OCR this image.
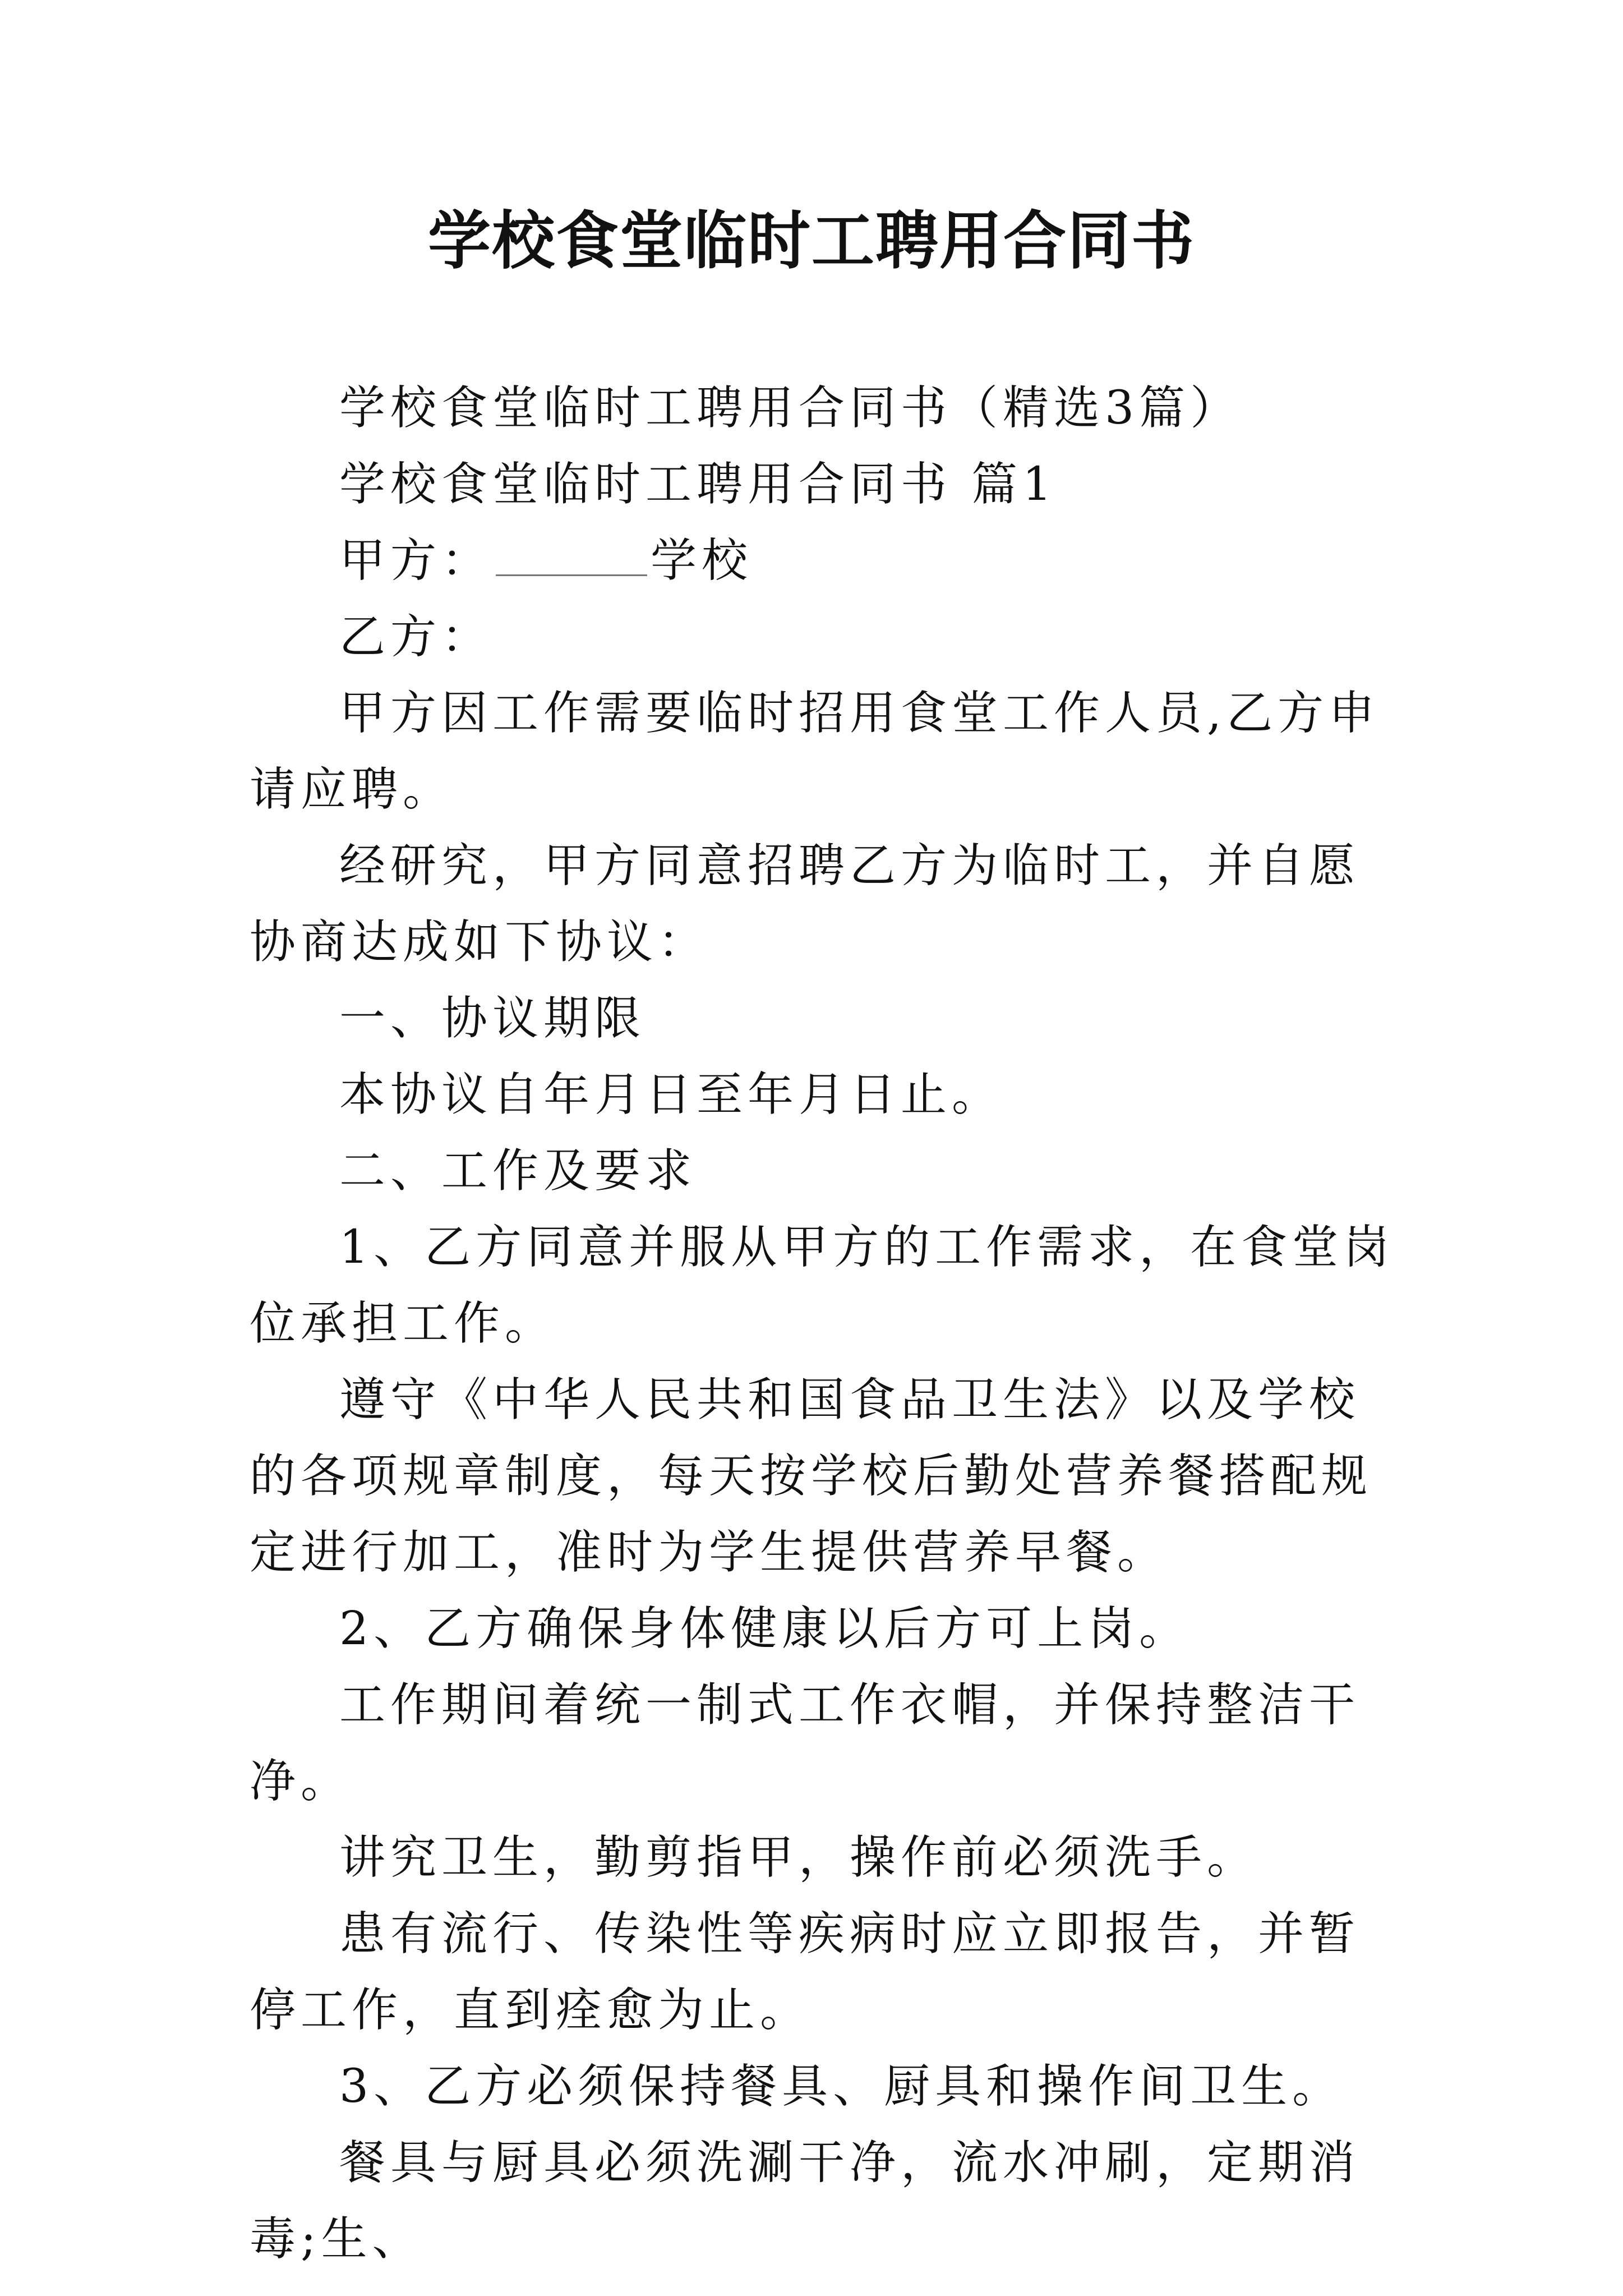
学校食堂临时工聘用合同书

学校食堂临时工聘用合同书（精选3篇）

学校食堂临时工聘用合同书 篇1

甲方：	学校

乙方：

甲方因工作需要临时招用食堂工作人员,乙方申请应聘。

经研究，甲方同意招聘乙方为临时工，并自愿协商达成如下协议：

一、协议期限

本协议自年月日至年月日止。

二、工作及要求

1、乙方同意并服从甲方的工作需求，在食堂岗位承担工作。

遵守《中华人民共和国食品卫生法》以及学校的各项规章制度，每天按学校后勤处营养餐搭配规定进行加工，准时为学生提供营养早餐。

2、乙方确保身体健康以后方可上岗。

工作期间着统一制式工作衣帽，并保持整洁干净。

讲究卫生，勤剪指甲，操作前必须洗手。

患有流行、传染性等疾病时应立即报告，并暂停工作，直到痊愈为止。

3、乙方必须保持餐具、厨具和操作间卫生。

餐具与厨具必须洗涮干净，流水冲刷，定期消毒;生、
